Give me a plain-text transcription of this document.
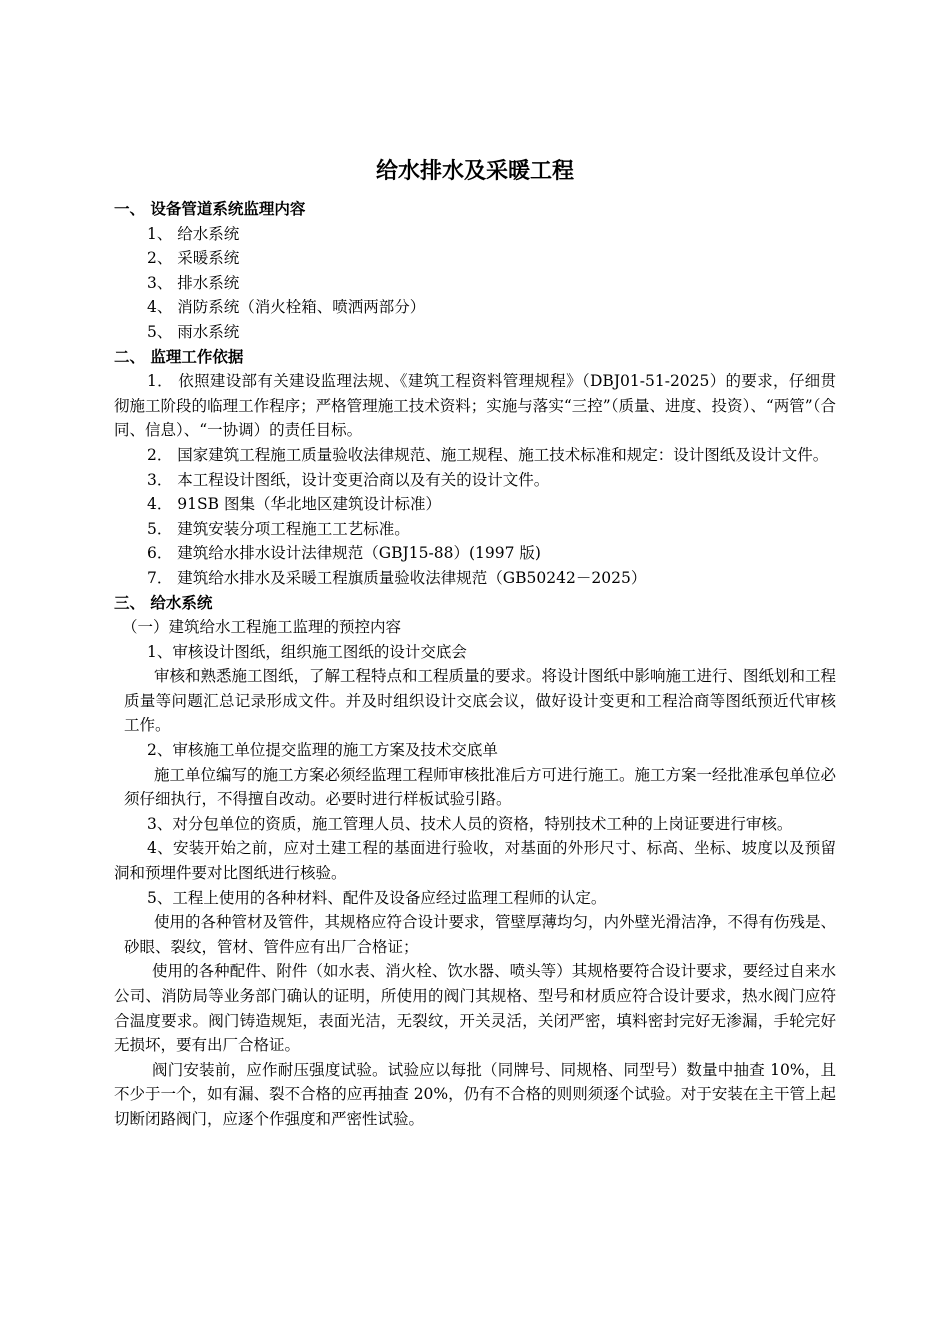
给水排水及采暖工程

一、 设备管道系统监理内容

1、 给水系统

2、 采暖系统

3、 排水系统

4、 消防系统（消火栓箱、喷洒两部分）

5、 雨水系统

二、 监理工作依据

1． 依照建设部有关建设监理法规、《建筑工程资料管理规程》（DBJ01-51-2025）的要求，仔细贯彻施工阶段的临理工作程序；严格管理施工技术资料；实施与落实“三控”（质量、进度、投资）、“两管”（合同、信息）、“一协调）的责任目标。

2． 国家建筑工程施工质量验收法律规范、施工规程、施工技术标准和规定：设计图纸及设计文件。

3． 本工程设计图纸，设计变更洽商以及有关的设计文件。

4． 91SB 图集（华北地区建筑设计标准）

5． 建筑安装分项工程施工工艺标准。

6． 建筑给水排水设计法律规范（GBJ15-88）(1997 版)

7． 建筑给水排水及采暖工程旗质量验收法律规范（GB50242－2025）

三、 给水系统

（一）建筑给水工程施工监理的预控内容

1、审核设计图纸，组织施工图纸的设计交底会

审核和熟悉施工图纸，了解工程特点和工程质量的要求。将设计图纸中影响施工进行、图纸划和工程质量等问题汇总记录形成文件。并及时组织设计交底会议，做好设计变更和工程洽商等图纸预近代审核工作。

2、审核施工单位提交监理的施工方案及技术交底单

施工单位编写的施工方案必须经监理工程师审核批准后方可进行施工。施工方案一经批准承包单位必须仔细执行，不得擅自改动。必要时进行样板试验引路。

3、对分包单位的资质，施工管理人员、技术人员的资格，特别技术工种的上岗证要进行审核。

4、安装开始之前，应对土建工程的基面进行验收，对基面的外形尺寸、标高、坐标、坡度以及预留洞和预埋件要对比图纸进行核验。

5、工程上使用的各种材料、配件及设备应经过监理工程师的认定。

使用的各种管材及管件，其规格应符合设计要求，管壁厚薄均匀，内外壁光滑洁净，不得有伤残是、砂眼、裂纹，管材、管件应有出厂合格证；

使用的各种配件、附件（如水表、消火栓、饮水器、喷头等）其规格要符合设计要求，要经过自来水公司、消防局等业务部门确认的证明，所使用的阀门其规格、型号和材质应符合设计要求，热水阀门应符合温度要求。阀门铸造规矩，表面光洁，无裂纹，开关灵活，关闭严密，填料密封完好无渗漏，手轮完好无损坏，要有出厂合格证。

阀门安装前，应作耐压强度试验。试验应以每批（同牌号、同规格、同型号）数量中抽查 10%，且不少于一个，如有漏、裂不合格的应再抽查 20%，仍有不合格的则则须逐个试验。对于安装在主干管上起切断闭路阀门，应逐个作强度和严密性试验。
